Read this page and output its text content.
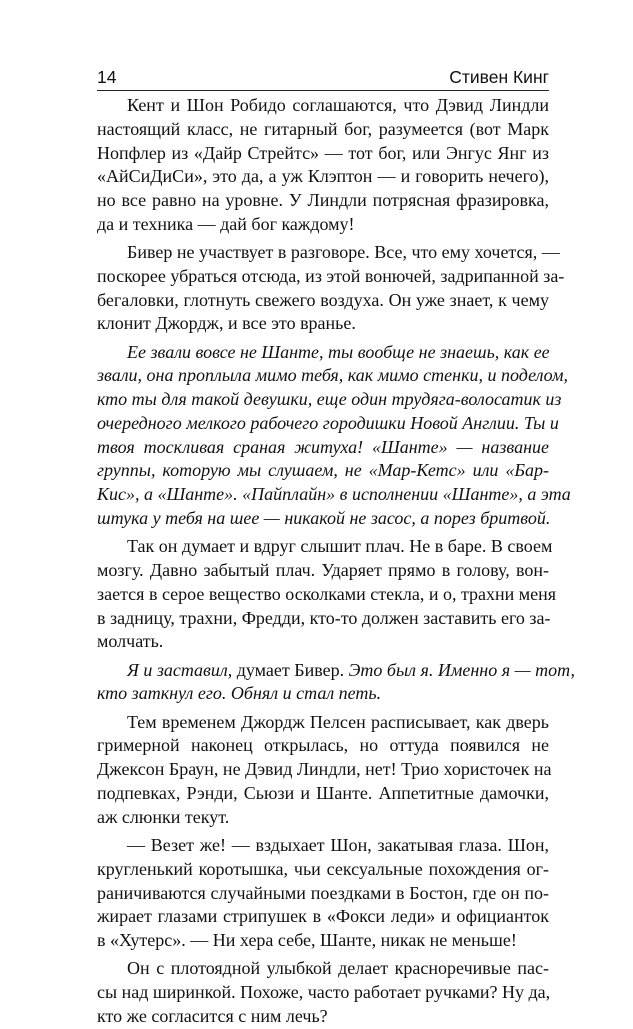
14	Стивен Кинг
Кент и Шон Робидо соглашаются, что Дэвид Линдли
настоящий класс, не гитарный бог, разумеется (вот Марк
Нопфлер из «Дайр Стрейтс» — тот бог, или Энгус Янг из
«АйСиДиСи», это да, а уж Клэптон — и говорить нечего),
но все равно на уровне. У Линдли потрясная фразировка,
да и техника — дай бог каждому!
Бивер не участвует в разговоре. Все, что ему хочется, —
поскорее убраться отсюда, из этой вонючей, задрипанной за-
бегаловки, глотнуть свежего воздуха. Он уже знает, к чему
клонит Джордж, и все это вранье.
Ее звали вовсе не Шанте, ты вообще не знаешь, как ее
звали, она проплыла мимо тебя, как мимо стенки, и поделом,
кто ты для такой девушки, еще один трудяга-волосатик из
очередного мелкого рабочего городишки Новой Англии. Ты и
твоя тоскливая сраная житуха! «Шанте» — название
группы, которую мы слушаем, не «Мар-Кетс» или «Бар-
Кис», а «Шанте». «Пайплайн» в исполнении «Шанте», а эта
штука у тебя на шее — никакой не засос, а порез бритвой.
Так он думает и вдруг слышит плач. Не в баре. В своем
мозгу. Давно забытый плач. Ударяет прямо в голову, вон-
зается в серое вещество осколками стекла, и о, трахни меня
в задницу, трахни, Фредди, кто-то должен заставить его за-
молчать.
Я и заставил, думает Бивер. Это был я. Именно я — тот,
кто заткнул его. Обнял и стал петь.
Тем временем Джордж Пелсен расписывает, как дверь
гримерной наконец открылась, но оттуда появился не
Джексон Браун, не Дэвид Линдли, нет! Трио хористочек на
подпевках, Рэнди, Сьюзи и Шанте. Аппетитные дамочки,
аж слюнки текут.
— Везет же! — вздыхает Шон, закатывая глаза. Шон,
кругленький коротышка, чьи сексуальные похождения ог-
раничиваются случайными поездками в Бостон, где он по-
жирает глазами стрипушек в «Фокси леди» и официанток
в «Хутерс». — Ни хера себе, Шанте, никак не меньше!
Он с плотоядной улыбкой делает красноречивые пас-
сы над ширинкой. Похоже, часто работает ручками? Ну да,
кто же согласится с ним лечь?
